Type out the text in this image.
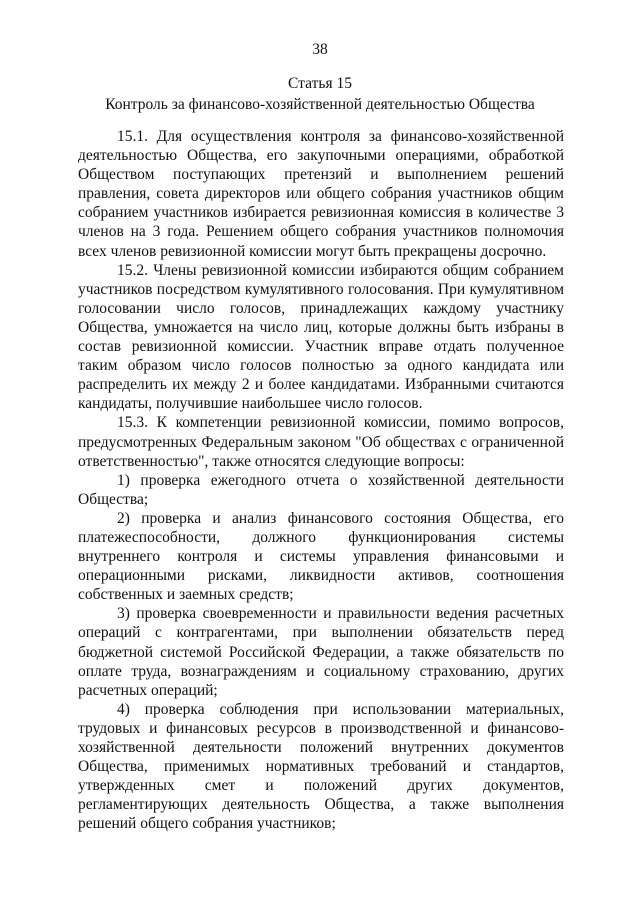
38
Статья 15
Контроль за финансово-хозяйственной деятельностью Общества

15.1. Для осуществления контроля за финансово-хозяйственной деятельностью Общества, его закупочными операциями, обработкой Обществом поступающих претензий и выполнением решений правления, совета директоров или общего собрания участников общим собранием участников избирается ревизионная комиссия в количестве 3 членов на 3 года. Решением общего собрания участников полномочия всех членов ревизионной комиссии могут быть прекращены досрочно.

15.2. Члены ревизионной комиссии избираются общим собранием участников посредством кумулятивного голосования. При кумулятивном голосовании число голосов, принадлежащих каждому участнику Общества, умножается на число лиц, которые должны быть избраны в состав ревизионной комиссии. Участник вправе отдать полученное таким образом число голосов полностью за одного кандидата или распределить их между 2 и более кандидатами. Избранными считаются кандидаты, получившие наибольшее число голосов.

15.3. К компетенции ревизионной комиссии, помимо вопросов, предусмотренных Федеральным законом "Об обществах с ограниченной ответственностью", также относятся следующие вопросы:

1) проверка ежегодного отчета о хозяйственной деятельности Общества;

2) проверка и анализ финансового состояния Общества, его платежеспособности, должного функционирования системы внутреннего контроля и системы управления финансовыми и операционными рисками, ликвидности активов, соотношения собственных и заемных средств;

3) проверка своевременности и правильности ведения расчетных операций с контрагентами, при выполнении обязательств перед бюджетной системой Российской Федерации, а также обязательств по оплате труда, вознаграждениям и социальному страхованию, других расчетных операций;

4) проверка соблюдения при использовании материальных, трудовых и финансовых ресурсов в производственной и финансово-хозяйственной деятельности положений внутренних документов Общества, применимых нормативных требований и стандартов, утвержденных смет и положений других документов, регламентирующих деятельность Общества, а также выполнения решений общего собрания участников;
